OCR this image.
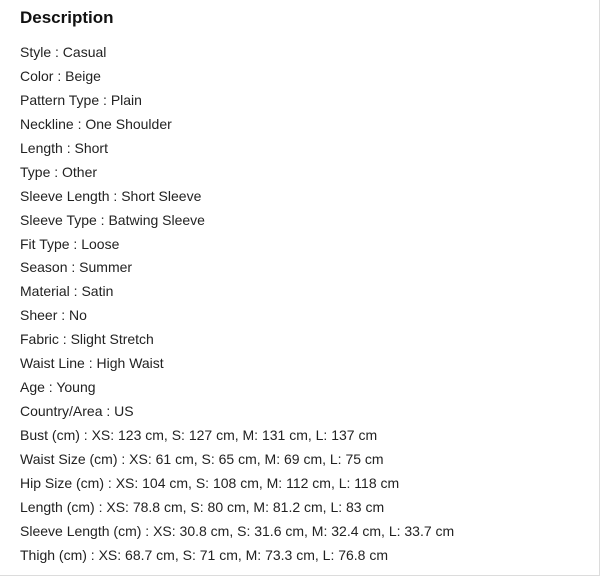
Description
Style : Casual
Color : Beige
Pattern Type : Plain
Neckline : One Shoulder
Length : Short
Type : Other
Sleeve Length : Short Sleeve
Sleeve Type : Batwing Sleeve
Fit Type : Loose
Season : Summer
Material : Satin
Sheer : No
Fabric : Slight Stretch
Waist Line : High Waist
Age : Young
Country/Area : US
Bust (cm) : XS: 123 cm, S: 127 cm, M: 131 cm, L: 137 cm
Waist Size (cm) : XS: 61 cm, S: 65 cm, M: 69 cm, L: 75 cm
Hip Size (cm) : XS: 104 cm, S: 108 cm, M: 112 cm, L: 118 cm
Length (cm) : XS: 78.8 cm, S: 80 cm, M: 81.2 cm, L: 83 cm
Sleeve Length (cm) : XS: 30.8 cm, S: 31.6 cm, M: 32.4 cm, L: 33.7 cm
Thigh (cm) : XS: 68.7 cm, S: 71 cm, M: 73.3 cm, L: 76.8 cm
